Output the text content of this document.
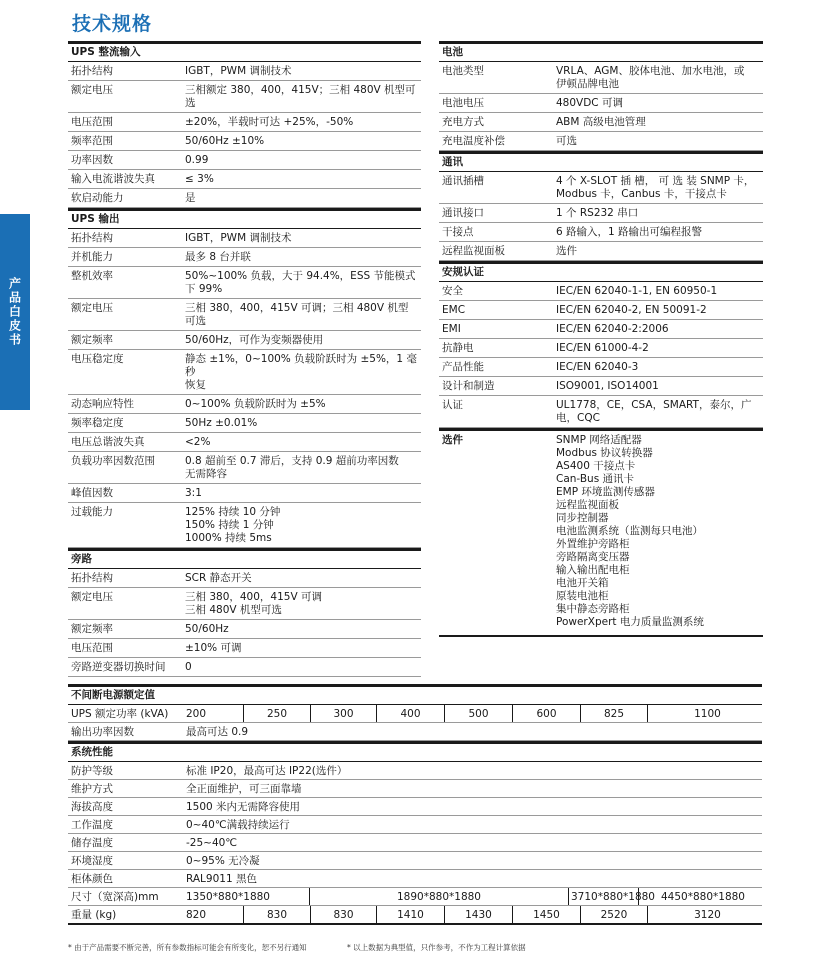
技术规格
产品白皮书
UPS 整流输入
拓扑结构	IGBT，PWM 调制技术
额定电压	三相额定 380，400，415V；三相 480V 机型可选
电压范围	±20%，半载时可达 +25%，-50%
频率范围	50/60Hz ±10%
功率因数	0.99
输入电流谐波失真	≤ 3%
软启动能力	是
UPS 输出
拓扑结构	IGBT，PWM 调制技术
并机能力	最多 8 台并联
整机效率	50%~100% 负载，大于 94.4%，ESS 节能模式
下 99%
额定电压	三相 380，400，415V 可调；三相 480V 机型
可选
额定频率	50/60Hz，可作为变频器使用
电压稳定度	静态 ±1%，0~100% 负载阶跃时为 ±5%，1 毫秒
恢复
动态响应特性	0~100% 负载阶跃时为 ±5%
频率稳定度	50Hz ±0.01%
电压总谐波失真	<2%
负载功率因数范围	0.8 超前至 0.7 滞后，支持 0.9 超前功率因数
无需降容
峰值因数	3:1
过载能力	125% 持续 10 分钟
150% 持续 1 分钟
1000% 持续 5ms
旁路
拓扑结构	SCR 静态开关
额定电压	三相 380，400，415V 可调
三相 480V 机型可选
额定频率	50/60Hz
电压范围	±10% 可调
旁路逆变器切换时间	0
电池
电池类型	VRLA、AGM、胶体电池、加水电池，或
伊顿品牌电池
电池电压	480VDC 可调
充电方式	ABM 高级电池管理
充电温度补偿	可选
通讯
通讯插槽	4 个 X-SLOT 插 槽， 可 选 装 SNMP 卡，
Modbus 卡，Canbus 卡，干接点卡
通讯接口	1 个 RS232 串口
干接点	6 路输入，1 路输出可编程报警
远程监视面板	选件
安规认证
安全	IEC/EN 62040-1-1, EN 60950-1
EMC	IEC/EN 62040-2, EN 50091-2
EMI	IEC/EN 62040-2:2006
抗静电	IEC/EN 61000-4-2
产品性能	IEC/EN 62040-3
设计和制造	ISO9001, ISO14001
认证	UL1778，CE，CSA，SMART，泰尔，广
电，CQC
选件	SNMP 网络适配器
Modbus 协议转换器
AS400 干接点卡
Can-Bus 通讯卡
EMP 环境监测传感器
远程监视面板
同步控制器
电池监测系统（监测每只电池）
外置维护旁路柜
旁路隔离变压器
输入输出配电柜
电池开关箱
原装电池柜
集中静态旁路柜
PowerXpert 电力质量监测系统
不间断电源额定值
UPS 额定功率 (kVA)	200	250	300	400	500	600	825	1100
输出功率因数	最高可达 0.9
系统性能
防护等级	标准 IP20，最高可达 IP22(选件）
维护方式	全正面维护，可三面靠墙
海拔高度	1500 米内无需降容使用
工作温度	0~40℃满载持续运行
储存温度	-25~40℃
环境湿度	0~95% 无冷凝
柜体颜色	RAL9011 黑色
尺寸（宽深高)mm	1350*880*1880	1890*880*1880	3710*880*1880 4450*880*1880
重量 (kg)	820	830	830	1410	1430	1450	2520	3120
* 由于产品需要不断完善，所有参数指标可能会有所变化，恕不另行通知	* 以上数据为典型值，只作参考，不作为工程计算依据
